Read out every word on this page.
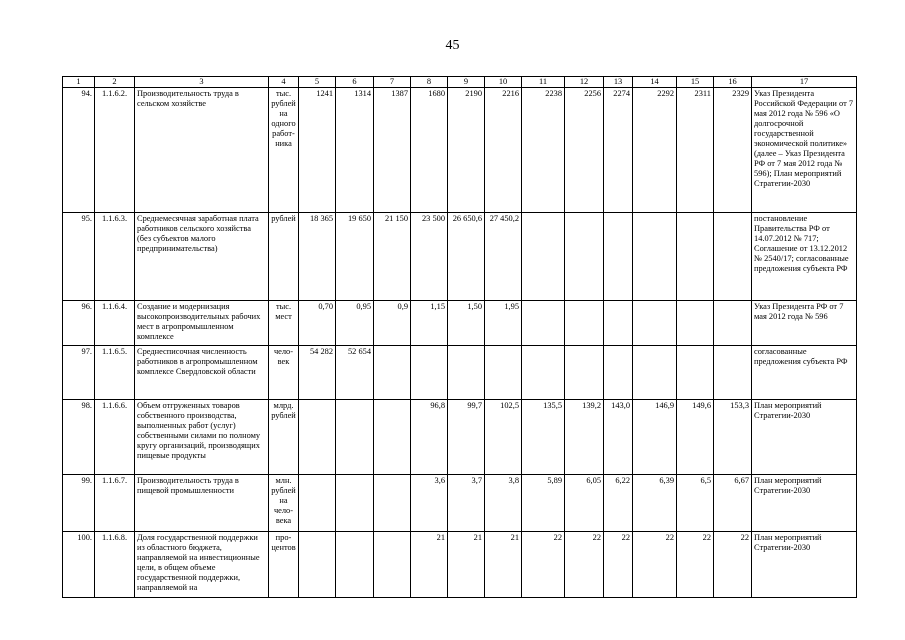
45
1	2	3	4	5	6	7	8	9	10	11	12	13	14	15	16	17
94.	1.1.6.2.	Производительность труда в сельском хозяйстве	тыс. рублей на одного работ-ника	1241	1314	1387	1680	2190	2216	2238	2256	2274	2292	2311	2329	Указ Президента Российской Федерации от 7 мая 2012 года № 596 «О долгосрочной государственной экономической политике» (далее – Указ Президента РФ от 7 мая 2012 года № 596); План мероприятий Стратегии-2030
95.	1.1.6.3.	Среднемесячная заработная плата работников сельского хозяйства (без субъектов малого предпринимательства)	рублей	18 365	19 650	21 150	23 500	26 650,6	27 450,2							постановление Правительства РФ от 14.07.2012 № 717; Соглашение от 13.12.2012 № 2540/17; согласованные предложения субъекта РФ
96.	1.1.6.4.	Создание и модернизация высокопроизводительных рабочих мест в агропромышленном комплексе	тыс. мест	0,70	0,95	0,9	1,15	1,50	1,95							Указ Президента РФ от 7 мая 2012 года № 596
97.	1.1.6.5.	Среднесписочная численность работников в агропромышленном комплексе Свердловской области	чело-век	54 282	52 654											согласованные предложения субъекта РФ
98.	1.1.6.6.	Объем отгруженных товаров собственного производства, выполненных работ (услуг) собственными силами по полному кругу организаций, производящих пищевые продукты	млрд. рублей				96,8	99,7	102,5	135,5	139,2	143,0	146,9	149,6	153,3	План мероприятий Стратегии-2030
99.	1.1.6.7.	Производительность труда в пищевой промышленности	млн. рублей на чело-века				3,6	3,7	3,8	5,89	6,05	6,22	6,39	6,5	6,67	План мероприятий Стратегии-2030
100.	1.1.6.8.	Доля государственной поддержки из областного бюджета, направляемой на инвестиционные цели, в общем объеме государственной поддержки, направляемой на	про-центов				21	21	21	22	22	22	22	22	22	План мероприятий Стратегии-2030
